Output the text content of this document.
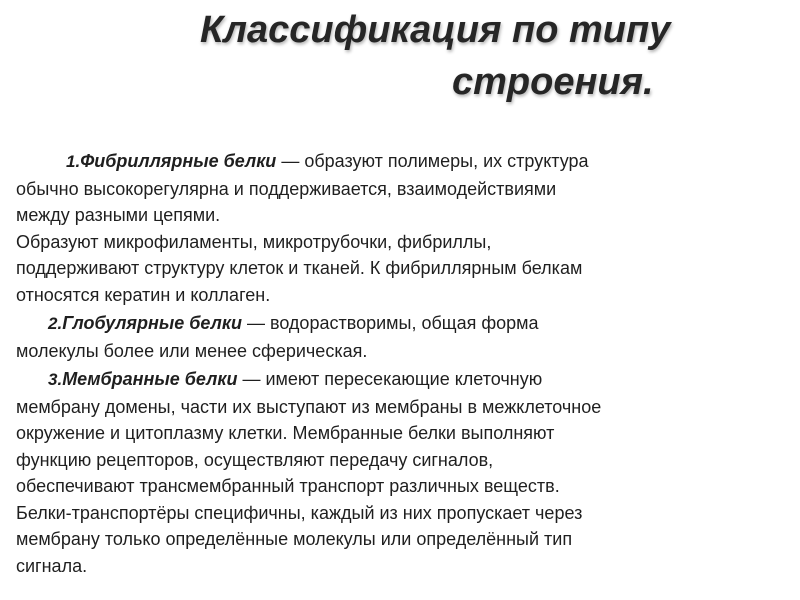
Классификация по типу
строения.

1.Фибриллярные белки — образуют полимеры, их структура
обычно высокорегулярна и поддерживается, взаимодействиями
между разными цепями.
Образуют микрофиламенты, микротрубочки, фибриллы,
поддерживают структуру клеток и тканей. К фибриллярным белкам
относятся кератин и коллаген.

2.Глобулярные белки — водорастворимы, общая форма
молекулы более или менее сферическая.

3.Мембранные белки — имеют пересекающие клеточную
мембрану домены, части их выступают из мембраны в межклеточное
окружение и цитоплазму клетки. Мембранные белки выполняют
функцию рецепторов, осуществляют передачу сигналов,
обеспечивают трансмембранный транспорт различных веществ.
Белки-транспортёры специфичны, каждый из них пропускает через
мембрану только определённые молекулы или определённый тип
сигнала.
